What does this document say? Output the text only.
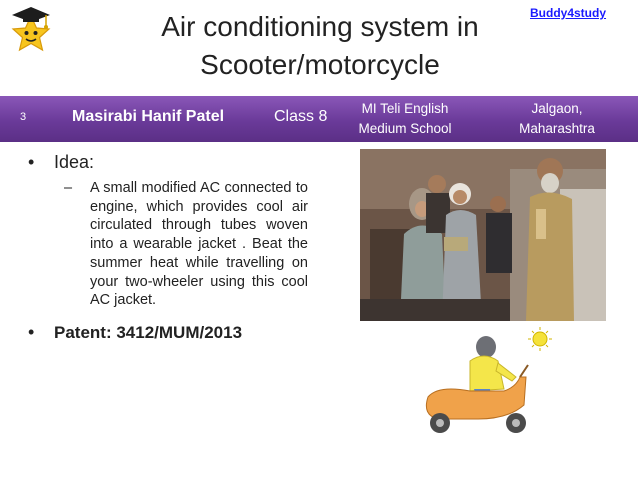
Air conditioning system in
Scooter/motorcycle
Buddy4study
3	Masirabi Hanif Patel	Class 8	MI Teli English
Medium School
Jalgaon,
Maharashtra
•	Idea:
–	A small modified AC connected to engine, which provides cool air circulated through tubes woven into a wearable jacket . Beat the summer heat while travelling on your two-wheeler using this cool AC jacket.
•	Patent: 3412/MUM/2013
